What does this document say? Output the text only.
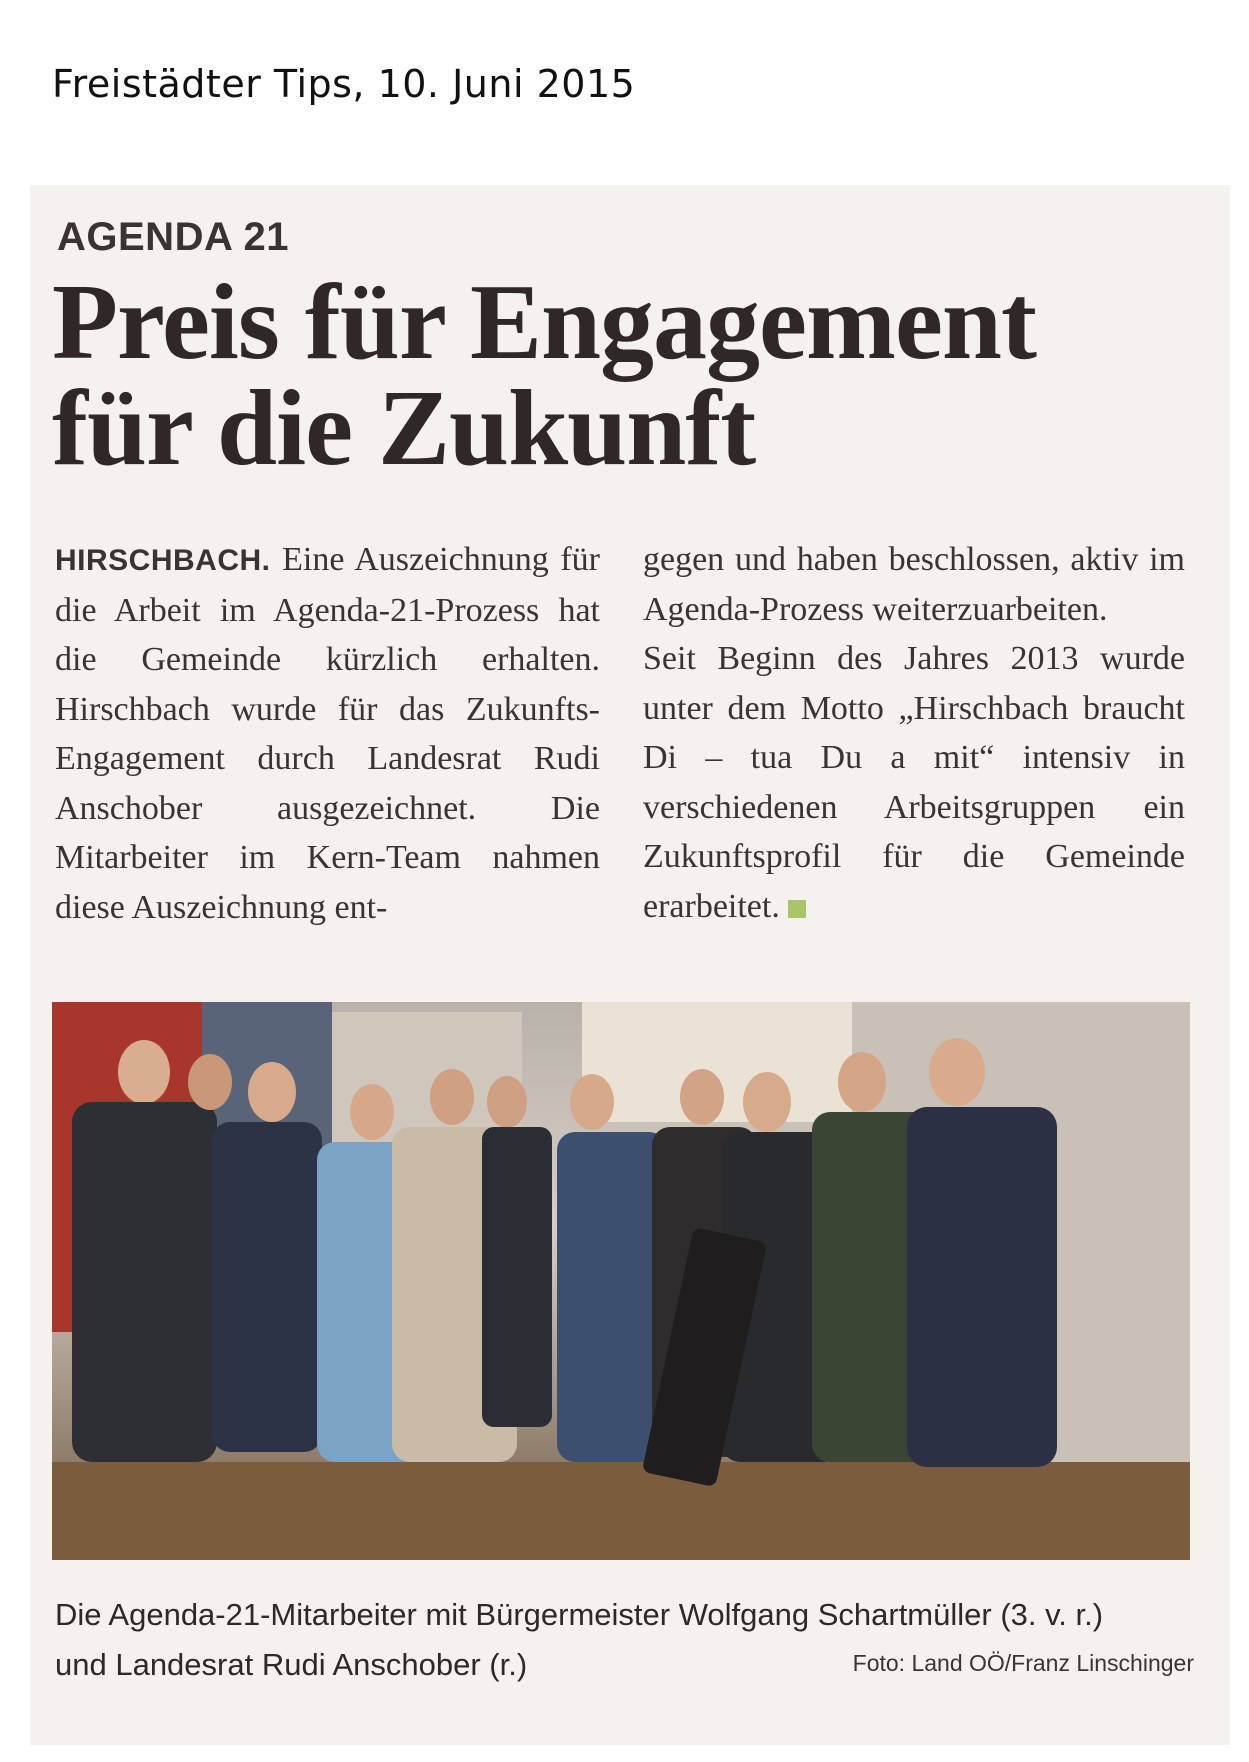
Freistädter Tips, 10. Juni 2015
AGENDA 21
Preis für Engagement
für die Zukunft
HIRSCHBACH. Eine Auszeichnung für die Arbeit im Agenda-21-Prozess hat die Gemeinde kürzlich erhalten. Hirschbach wurde für das Zukunfts-Engagement durch Landesrat Rudi Anschober ausgezeichnet. Die Mitarbeiter im Kern-Team nahmen diese Auszeichnung ent-
gegen und haben beschlossen, aktiv im Agenda-Prozess weiterzuarbeiten.
Seit Beginn des Jahres 2013 wurde unter dem Motto „Hirschbach braucht Di – tua Du a mit“ intensiv in verschiedenen Arbeitsgruppen ein Zukunftsprofil für die Gemeinde erarbeitet.
Die Agenda-21-Mitarbeiter mit Bürgermeister Wolfgang Schartmüller (3. v. r.)
und Landesrat Rudi Anschober (r.)	Foto: Land OÖ/Franz Linschinger
